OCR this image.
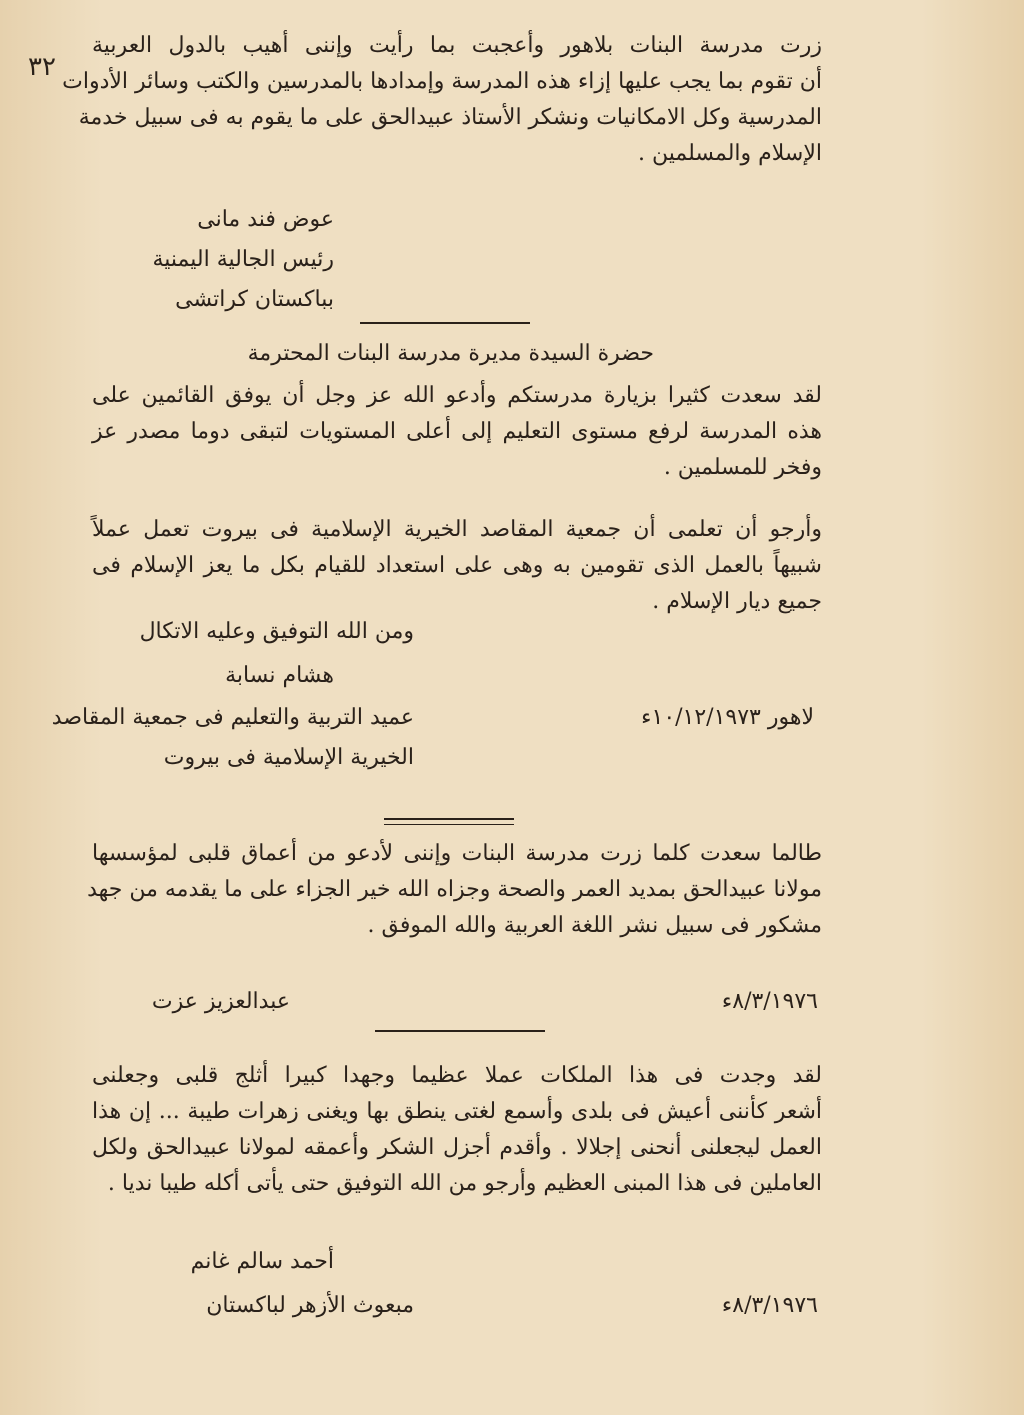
٣٢
زرت مدرسة البنات بلاهور وأعجبت بما رأيت وإننى أهيب بالدول العربية
أن تقوم بما يجب عليها إزاء هذه المدرسة وإمدادها بالمدرسين والكتب وسائر الأدوات
المدرسية وكل الامكانيات ونشكر الأستاذ عبيدالحق على ما يقوم به فى سبيل خدمة
الإسلام والمسلمين .
عوض فند مانى
رئيس الجالية اليمنية
بباكستان كراتشى
حضرة السيدة مديرة مدرسة البنات المحترمة
لقد سعدت كثيرا بزيارة مدرستكم وأدعو الله عز وجل أن يوفق القائمين على
هذه المدرسة لرفع مستوى التعليم إلى أعلى المستويات لتبقى دوما مصدر عز
وفخر للمسلمين .
وأرجو أن تعلمى أن جمعية المقاصد الخيرية الإسلامية فى بيروت تعمل عملاً
شبيهاً بالعمل الذى تقومين به وهى على استعداد للقيام بكل ما يعز الإسلام فى
جميع ديار الإسلام .
ومن الله التوفيق وعليه الاتكال
هشام نسابة
لاهور ١٠/١٢/١٩٧٣ء
عميد التربية والتعليم فى جمعية المقاصد
الخيرية الإسلامية فى بيروت
طالما سعدت كلما زرت مدرسة البنات وإننى لأدعو من أعماق قلبى لمؤسسها
مولانا عبيدالحق بمديد العمر والصحة وجزاه الله خير الجزاء على ما يقدمه من جهد
مشكور فى سبيل نشر اللغة العربية والله الموفق .
٨/٣/١٩٧٦ء
عبدالعزيز عزت
لقد وجدت فى هذا الملكات عملا عظيما وجهدا كبيرا أثلج قلبى وجعلنى
أشعر كأننى أعيش فى بلدى وأسمع لغتى ينطق بها ويغنى زهرات طيبة ... إن هذا
العمل ليجعلنى أنحنى إجلالا . وأقدم أجزل الشكر وأعمقه لمولانا عبيدالحق ولكل
العاملين فى هذا المبنى العظيم وأرجو من الله التوفيق حتى يأتى أكله طيبا نديا .
أحمد سالم غانم
٨/٣/١٩٧٦ء
مبعوث الأزهر لباكستان
